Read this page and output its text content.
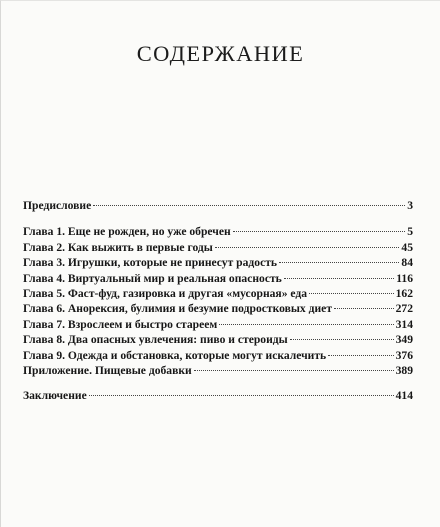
СОДЕРЖАНИЕ
Предисловие	3
Глава 1. Еще не рожден, но уже обречен	5
Глава 2. Как выжить в первые годы	45
Глава 3. Игрушки, которые не принесут радость	84
Глава 4. Виртуальный мир и реальная опасность	116
Глава 5. Фаст-фуд, газировка и другая «мусорная» еда	162
Глава 6. Анорексия, булимия и безумие подростковых диет	272
Глава 7. Взрослеем и быстро стареем	314
Глава 8. Два опасных увлечения: пиво и стероиды	349
Глава 9. Одежда и обстановка, которые могут искалечить	376
Приложение. Пищевые добавки	389
Заключение	414
